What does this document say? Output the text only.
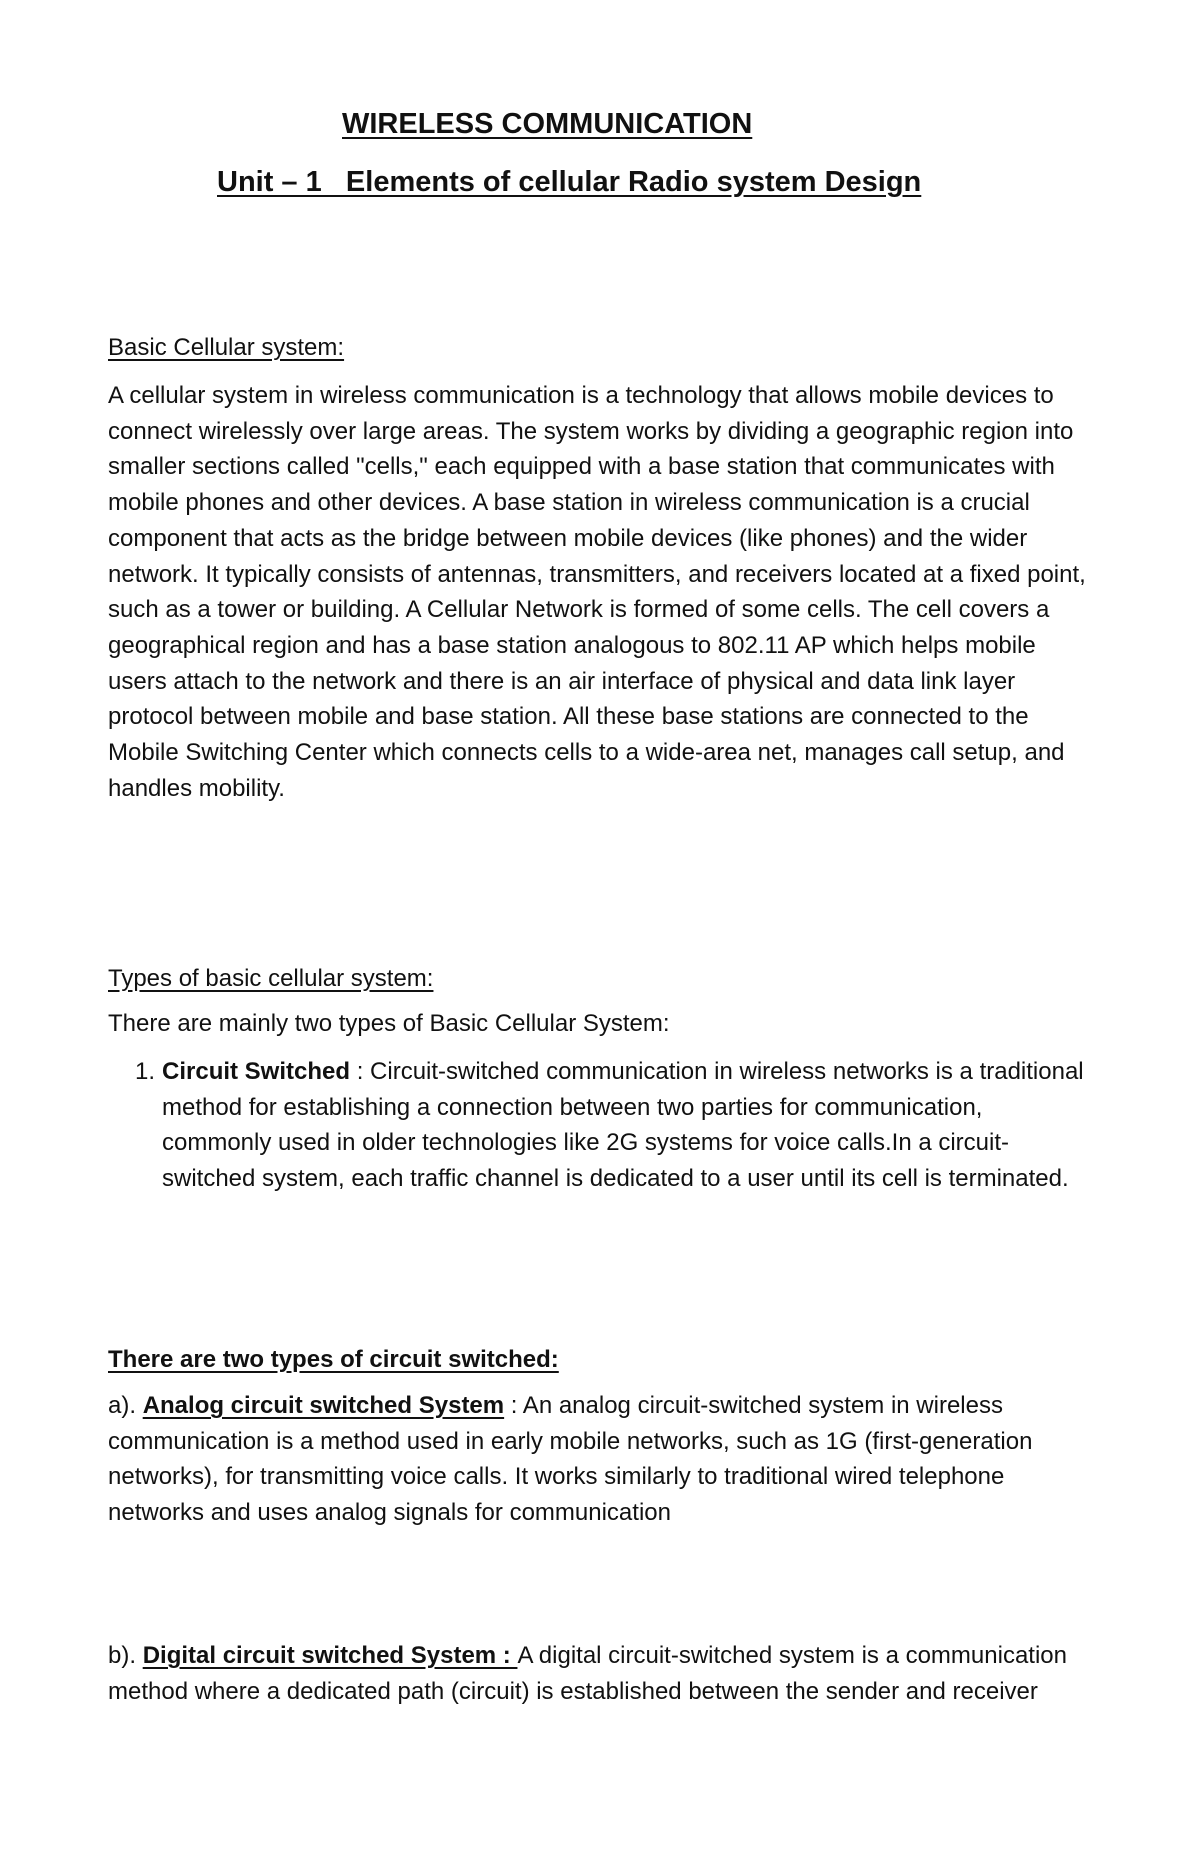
WIRELESS COMMUNICATION
Unit – 1   Elements of cellular Radio system Design
Basic Cellular system:

A cellular system in wireless communication is a technology that allows mobile devices to connect wirelessly over large areas. The system works by dividing a geographic region into smaller sections called "cells," each equipped with a base station that communicates with mobile phones and other devices. A base station in wireless communication is a crucial component that acts as the bridge between mobile devices (like phones) and the wider network. It typically consists of antennas, transmitters, and receivers located at a fixed point, such as a tower or building. A Cellular Network is formed of some cells. The cell covers a geographical region and has a base station analogous to 802.11 AP which helps mobile users attach to the network and there is an air interface of physical and data link layer protocol between mobile and base station. All these base stations are connected to the Mobile Switching Center which connects cells to a wide-area net, manages call setup, and handles mobility.

Types of basic cellular system:

There are mainly two types of Basic Cellular System:

1. Circuit Switched : Circuit-switched communication in wireless networks is a traditional method for establishing a connection between two parties for communication, commonly used in older technologies like 2G systems for voice calls.In a circuit-switched system, each traffic channel is dedicated to a user until its cell is terminated.
There are two types of circuit switched:

a). Analog circuit switched System : An analog circuit-switched system in wireless communication is a method used in early mobile networks, such as 1G (first-generation networks), for transmitting voice calls. It works similarly to traditional wired telephone networks and uses analog signals for communication

b). Digital circuit switched System : A digital circuit-switched system is a communication method where a dedicated path (circuit) is established between the sender and receiver
